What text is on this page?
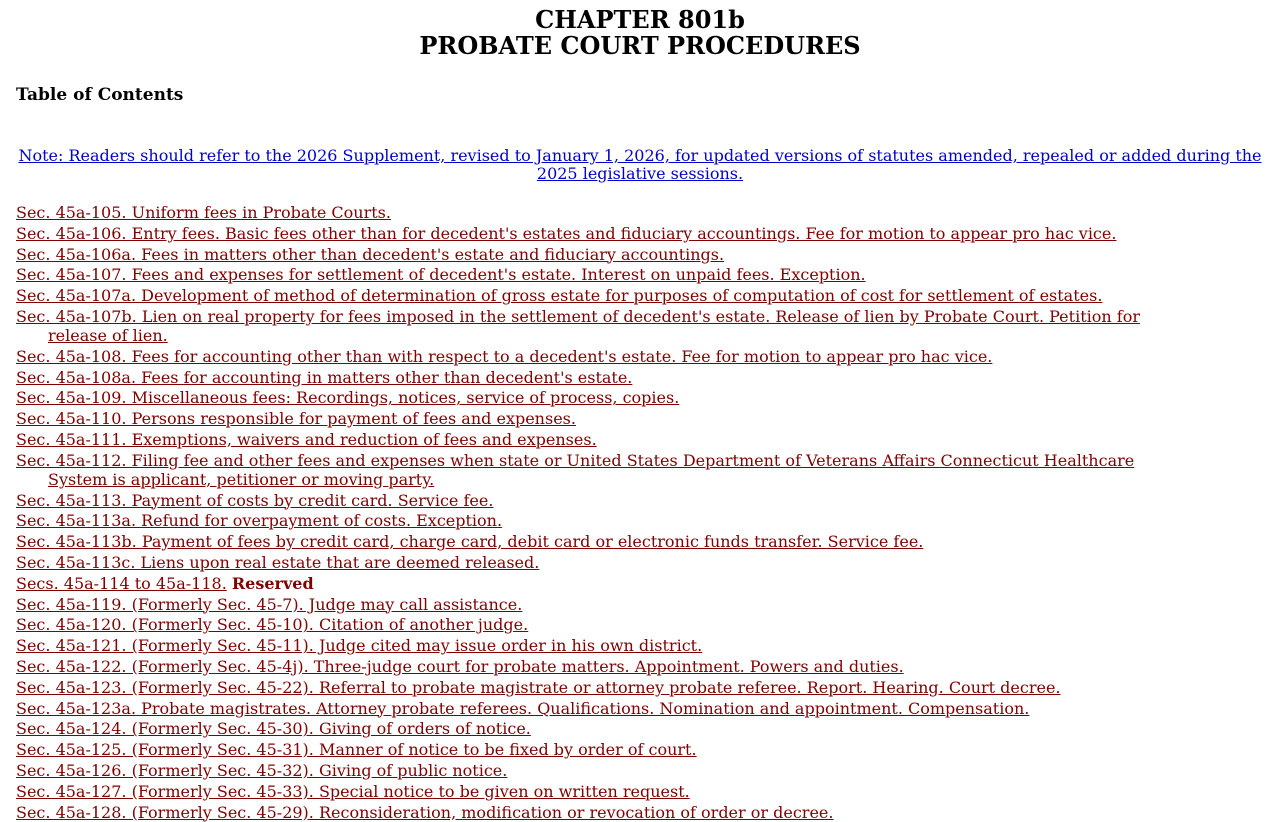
CHAPTER 801b
PROBATE COURT PROCEDURES
Table of Contents
Note: Readers should refer to the 2026 Supplement, revised to January 1, 2026, for updated versions of statutes amended, repealed or added during the 2025 legislative sessions.
Sec. 45a-105. Uniform fees in Probate Courts.
Sec. 45a-106. Entry fees. Basic fees other than for decedent's estates and fiduciary accountings. Fee for motion to appear pro hac vice.
Sec. 45a-106a. Fees in matters other than decedent's estate and fiduciary accountings.
Sec. 45a-107. Fees and expenses for settlement of decedent's estate. Interest on unpaid fees. Exception.
Sec. 45a-107a. Development of method of determination of gross estate for purposes of computation of cost for settlement of estates.
Sec. 45a-107b. Lien on real property for fees imposed in the settlement of decedent's estate. Release of lien by Probate Court. Petition for release of lien.
Sec. 45a-108. Fees for accounting other than with respect to a decedent's estate. Fee for motion to appear pro hac vice.
Sec. 45a-108a. Fees for accounting in matters other than decedent's estate.
Sec. 45a-109. Miscellaneous fees: Recordings, notices, service of process, copies.
Sec. 45a-110. Persons responsible for payment of fees and expenses.
Sec. 45a-111. Exemptions, waivers and reduction of fees and expenses.
Sec. 45a-112. Filing fee and other fees and expenses when state or United States Department of Veterans Affairs Connecticut Healthcare System is applicant, petitioner or moving party.
Sec. 45a-113. Payment of costs by credit card. Service fee.
Sec. 45a-113a. Refund for overpayment of costs. Exception.
Sec. 45a-113b. Payment of fees by credit card, charge card, debit card or electronic funds transfer. Service fee.
Sec. 45a-113c. Liens upon real estate that are deemed released.
Secs. 45a-114 to 45a-118. Reserved
Sec. 45a-119. (Formerly Sec. 45-7). Judge may call assistance.
Sec. 45a-120. (Formerly Sec. 45-10). Citation of another judge.
Sec. 45a-121. (Formerly Sec. 45-11). Judge cited may issue order in his own district.
Sec. 45a-122. (Formerly Sec. 45-4j). Three-judge court for probate matters. Appointment. Powers and duties.
Sec. 45a-123. (Formerly Sec. 45-22). Referral to probate magistrate or attorney probate referee. Report. Hearing. Court decree.
Sec. 45a-123a. Probate magistrates. Attorney probate referees. Qualifications. Nomination and appointment. Compensation.
Sec. 45a-124. (Formerly Sec. 45-30). Giving of orders of notice.
Sec. 45a-125. (Formerly Sec. 45-31). Manner of notice to be fixed by order of court.
Sec. 45a-126. (Formerly Sec. 45-32). Giving of public notice.
Sec. 45a-127. (Formerly Sec. 45-33). Special notice to be given on written request.
Sec. 45a-128. (Formerly Sec. 45-29). Reconsideration, modification or revocation of order or decree.
